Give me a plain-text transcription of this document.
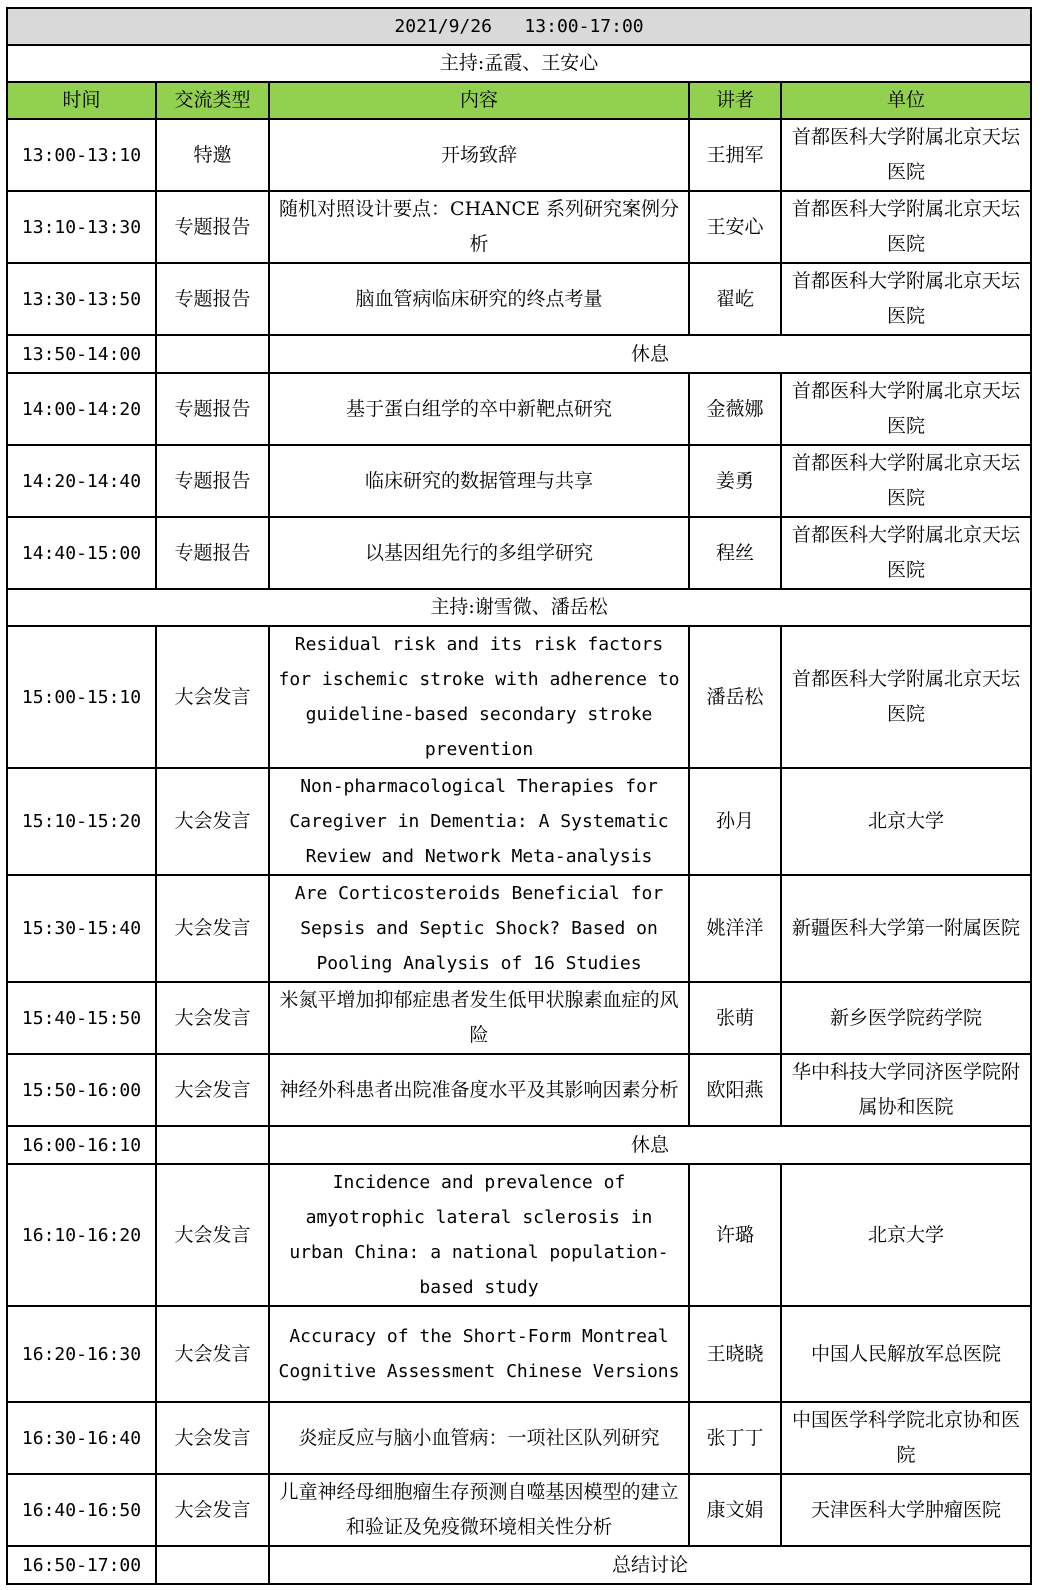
2021/9/26   13:00-17:00				
主持:孟霞、王安心				
时间	交流类型	内容	讲者	单位
13:00-13:10	特邀	开场致辞	王拥军	首都医科大学附属北京天坛医院
13:10-13:30	专题报告	随机对照设计要点：CHANCE 系列研究案例分析	王安心	首都医科大学附属北京天坛医院
13:30-13:50	专题报告	脑血管病临床研究的终点考量	翟屹	首都医科大学附属北京天坛医院
13:50-14:00		休息		
14:00-14:20	专题报告	基于蛋白组学的卒中新靶点研究	金薇娜	首都医科大学附属北京天坛医院
14:20-14:40	专题报告	临床研究的数据管理与共享	姜勇	首都医科大学附属北京天坛医院
14:40-15:00	专题报告	以基因组先行的多组学研究	程丝	首都医科大学附属北京天坛医院
主持:谢雪微、潘岳松				
15:00-15:10	大会发言	Residual risk and its risk factors for ischemic stroke with adherence to guideline-based secondary stroke prevention	潘岳松	首都医科大学附属北京天坛医院
15:10-15:20	大会发言	Non-pharmacological Therapies for Caregiver in Dementia: A Systematic Review and Network Meta-analysis	孙月	北京大学
15:30-15:40	大会发言	Are Corticosteroids Beneficial for Sepsis and Septic Shock? Based on Pooling Analysis of 16 Studies	姚洋洋	新疆医科大学第一附属医院
15:40-15:50	大会发言	米氮平增加抑郁症患者发生低甲状腺素血症的风险	张萌	新乡医学院药学院
15:50-16:00	大会发言	神经外科患者出院准备度水平及其影响因素分析	欧阳燕	华中科技大学同济医学院附属协和医院
16:00-16:10		休息		
16:10-16:20	大会发言	Incidence and prevalence of amyotrophic lateral sclerosis in urban China: a national population-based study	许璐	北京大学
16:20-16:30	大会发言	Accuracy of the Short-Form Montreal Cognitive Assessment Chinese Versions	王晓晓	中国人民解放军总医院
16:30-16:40	大会发言	炎症反应与脑小血管病：一项社区队列研究	张丁丁	中国医学科学院北京协和医院
16:40-16:50	大会发言	儿童神经母细胞瘤生存预测自噬基因模型的建立和验证及免疫微环境相关性分析	康文娟	天津医科大学肿瘤医院
16:50-17:00		总结讨论		
